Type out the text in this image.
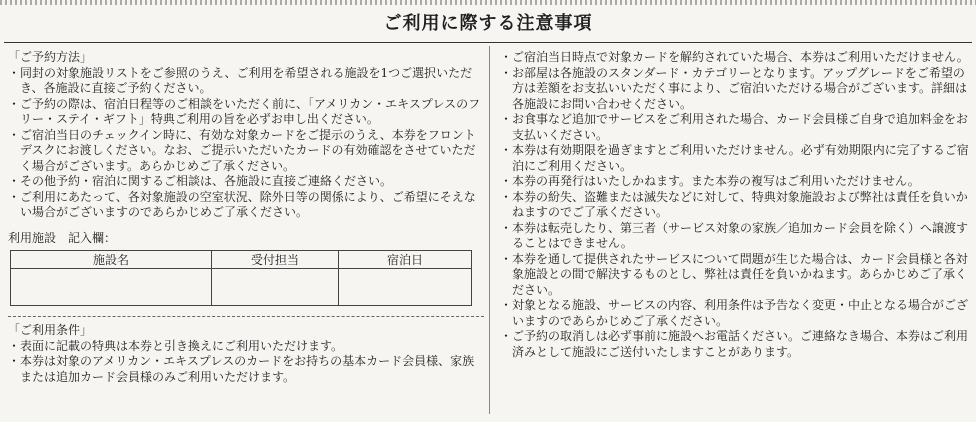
ご利用に際する注意事項

「ご予約方法」

・ 同封の対象施設リストをご参照のうえ、ご利用を希望される施設を1つご選択いただき、各施設に直接ご予約ください。
・ ご予約の際は、宿泊日程等のご相談をいただく前に、「アメリカン・エキスプレスのフリー・ステイ・ギフト」特典ご利用の旨を必ずお申し出ください。
・ ご宿泊当日のチェックイン時に、有効な対象カードをご提示のうえ、本券をフロントデスクにお渡しください。なお、ご提示いただいたカードの有効確認をさせていただく場合がございます。あらかじめご了承ください。
・ その他予約・宿泊に関するご相談は、各施設に直接ご連絡ください。
・ ご利用にあたって、各対象施設の空室状況、除外日等の関係により、ご希望にそえない場合がございますのであらかじめご了承ください。

利用施設　記入欄：

施設名	受付担当	宿泊日

「ご利用条件」

・ 表面に記載の特典は本券と引き換えにご利用いただけます。
・ 本券は対象のアメリカン・エキスプレスのカードをお持ちの基本カード会員様、家族または追加カード会員様のみご利用いただけます。
・ ご宿泊当日時点で対象カードを解約されていた場合、本券はご利用いただけません。
・ お部屋は各施設のスタンダード・カテゴリーとなります。アップグレードをご希望の方は差額をお支払いいただく事により、ご宿泊いただける場合がございます。詳細は各施設にお問い合わせください。
・ お食事など追加でサービスをご利用された場合、カード会員様ご自身で追加料金をお支払いください。
・ 本券は有効期限を過ぎますとご利用いただけません。必ず有効期限内に完了するご宿泊にご利用ください。
・ 本券の再発行はいたしかねます。また本券の複写はご利用いただけません。
・ 本券の紛失、盗難または滅失などに対して、特典対象施設および弊社は責任を負いかねますのでご了承ください。
・ 本券は転売したり、第三者（サービス対象の家族／追加カード会員を除く）へ譲渡することはできません。
・ 本券を通して提供されたサービスについて問題が生じた場合は、カード会員様と各対象施設との間で解決するものとし、弊社は責任を負いかねます。あらかじめご了承ください。
・ 対象となる施設、サービスの内容、利用条件は予告なく変更・中止となる場合がございますのであらかじめご了承ください。
・ ご予約の取消しは必ず事前に施設へお電話ください。ご連絡なき場合、本券はご利用済みとして施設にご送付いたしますことがあります。
